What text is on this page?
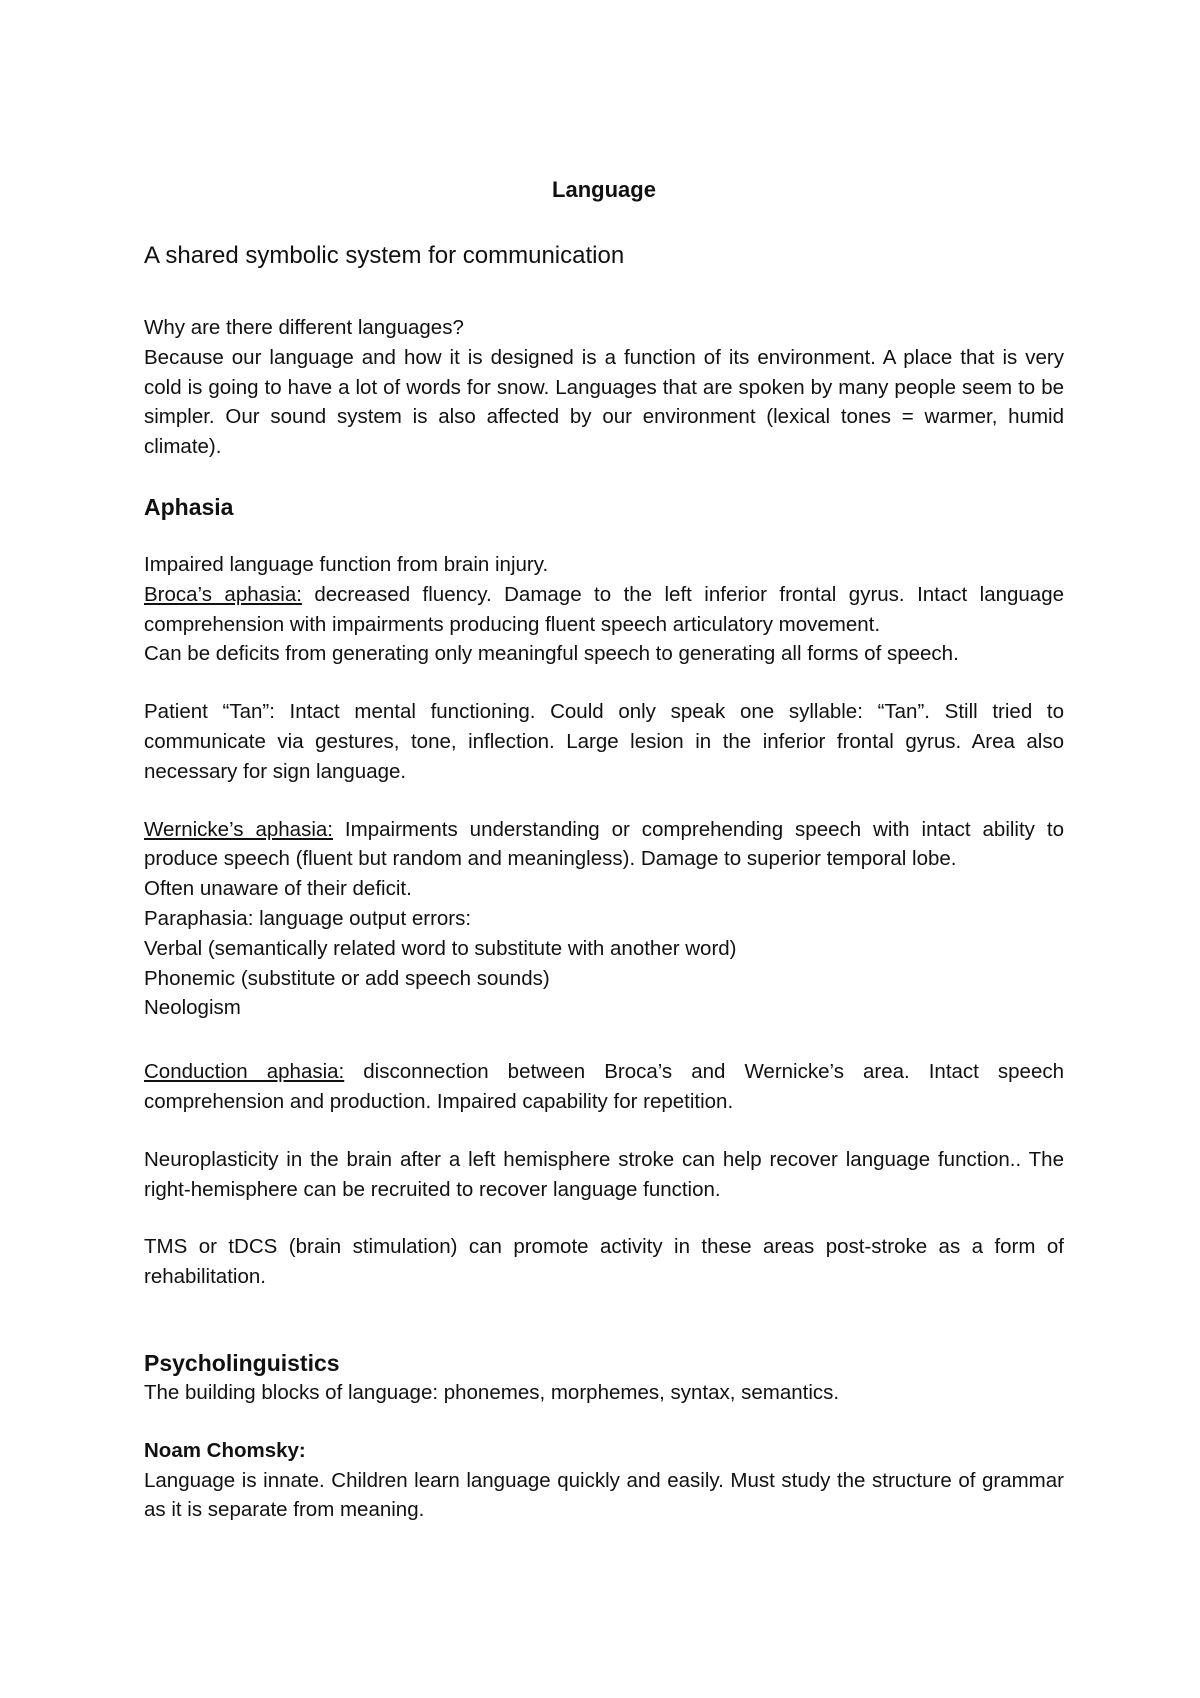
Language

A shared symbolic system for communication

Why are there different languages?

Because our language and how it is designed is a function of its environment. A place that is very cold is going to have a lot of words for snow. Languages that are spoken by many people seem to be simpler. Our sound system is also affected by our environment (lexical tones = warmer, humid climate).

Aphasia

Impaired language function from brain injury.

Broca’s aphasia: decreased fluency. Damage to the left inferior frontal gyrus. Intact language comprehension with impairments producing fluent speech articulatory movement.

Can be deficits from generating only meaningful speech to generating all forms of speech.

Patient “Tan”: Intact mental functioning. Could only speak one syllable: “Tan”. Still tried to communicate via gestures, tone, inflection. Large lesion in the inferior frontal gyrus. Area also necessary for sign language.

Wernicke’s aphasia: Impairments understanding or comprehending speech with intact ability to produce speech (fluent but random and meaningless). Damage to superior temporal lobe.

Often unaware of their deficit.

Paraphasia: language output errors:

Verbal (semantically related word to substitute with another word)

Phonemic (substitute or add speech sounds)

Neologism

Conduction aphasia: disconnection between Broca’s and Wernicke’s area. Intact speech comprehension and production. Impaired capability for repetition.

Neuroplasticity in the brain after a left hemisphere stroke can help recover language function.. The right-hemisphere can be recruited to recover language function.

TMS or tDCS (brain stimulation) can promote activity in these areas post-stroke as a form of rehabilitation.

Psycholinguistics

The building blocks of language: phonemes, morphemes, syntax, semantics.

Noam Chomsky:

Language is innate. Children learn language quickly and easily. Must study the structure of grammar as it is separate from meaning.
